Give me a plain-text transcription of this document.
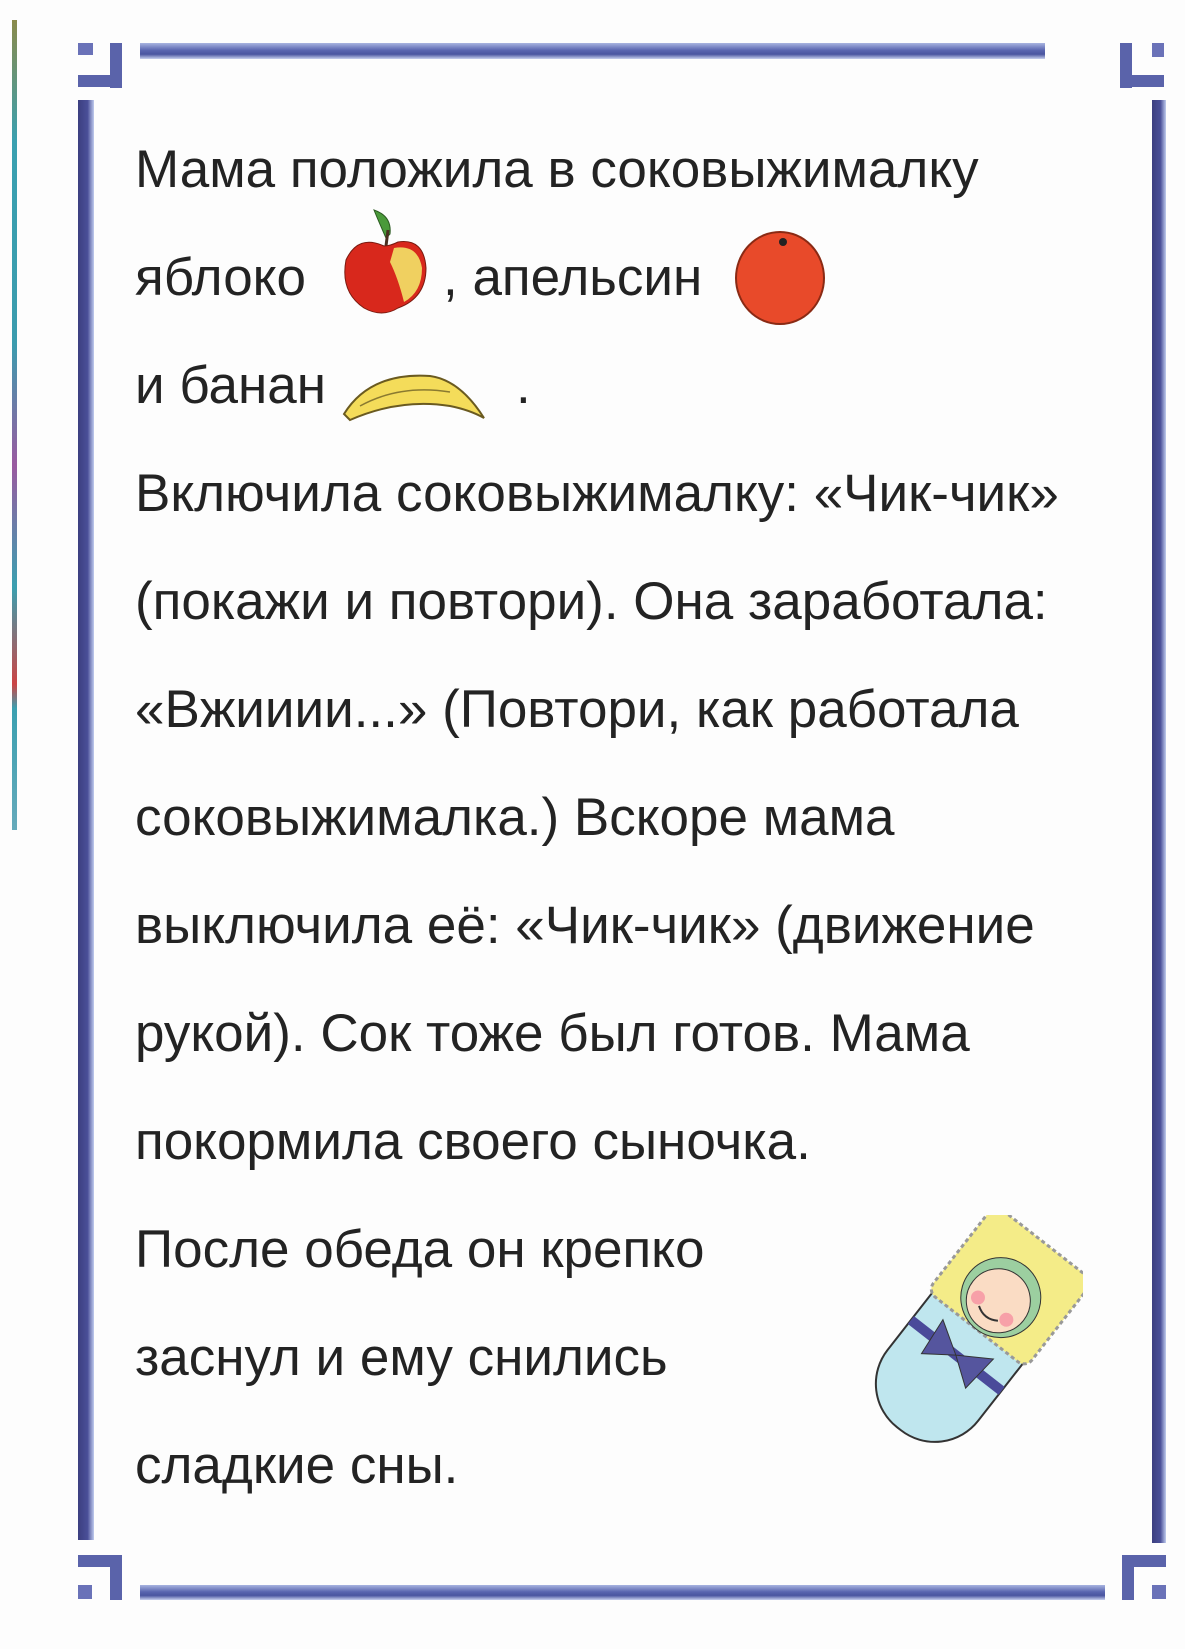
Мама положила в соковыжималку
яблоко	, апельсин
и банан	.
Включила соковыжималку: «Чик-чик»
(покажи и повтори). Она заработала:
«Вжииии...» (Повтори, как работала
соковыжималка.) Вскоре мама
выключила её: «Чик-чик» (движение
рукой). Сок тоже был готов. Мама
покормила своего сыночка.
После обеда он крепко
заснул и ему снились
сладкие сны.
